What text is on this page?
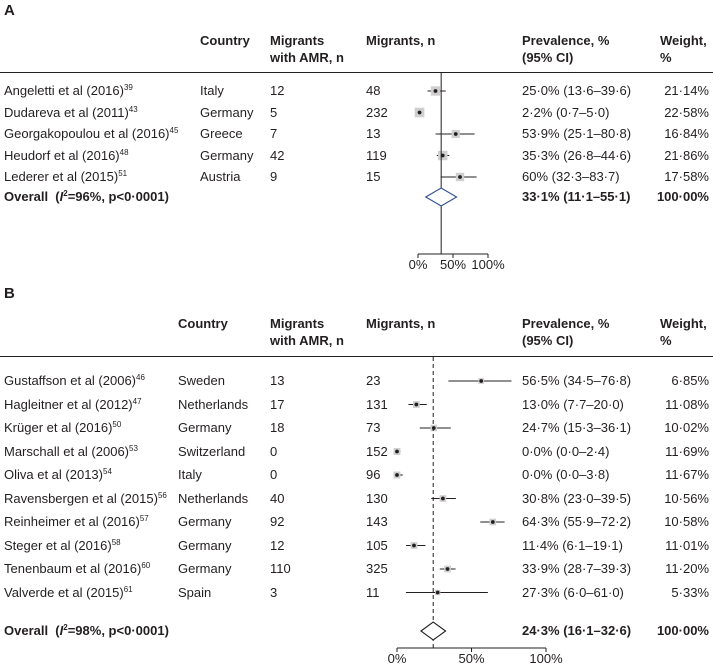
A
Country Migrants
with AMR, n
Migrants, n	Prevalence, %
(95% CI)
Weight,
%
Angeletti et al $(2016)^{39}$	Italy	12	48	25·0% (13·6–39·6)	21·14%
Dudareva et al $(2011)^{43}$	Germany 5	232	2·2% (0·7–5·0)	22·58%
Georgakopoulou et al $(2016)^{45}$ Greece 7	13	53·9% (25·1–80·8)	16·84%
Heudorf et al $(2016)^{48}$	Germany 42	119	35·3% (26·8–44·6)	21·86%
Lederer et al $(2015)^{51}$	Austria 9	15	60% (32·3–83·7)	17·58%
Overall  ($I^2=96\%$, p<0·0001)	33·1% (11·1–55·1) 100·00%
B
Country	Migrants
with AMR, n
Migrants, n	Prevalence, %
(95% CI)
Weight,
%
Gustaffson et al $(2006)^{46}$	Sweden	13	23	56·5% (34·5–76·8)	6·85%
Hagleitner et al $(2012)^{47}$	Netherlands 17	131	13·0% (7·7–20·0)	11·08%
Krüger et al $(2016)^{50}$	Germany	18	73	24·7% (15·3–36·1)	10·02%
Marschall et al $(2006)^{53}$	Switzerland 0	152	0·0% (0·0–2·4)	11·69%
Oliva et al $(2013)^{54}$	Italy	0	96	0·0% (0·0–3·8)	11·67%
Ravensbergen et al $(2015)^{56}$ Netherlands 40	130	30·8% (23·0–39·5)	10·56%
Reinheimer et al $(2016)^{57}$ Germany	92	143	64·3% (55·9–72·2)	10·58%
Steger et al $(2016)^{58}$	Germany	12	105	11·4% (6·1–19·1)	11·01%
Tenenbaum et al $(2016)^{60}$ Germany	110	325	33·9% (28·7–39·3)	11·20%
Valverde et al $(2015)^{61}$	Spain	3	11	27·3% (6·0–61·0)	5·33%
Overall  ($I^2=98\%$, p<0·0001)	24·3% (16·1–32·6) 100·00%
0% 50% 100%
0%	50%	100%
